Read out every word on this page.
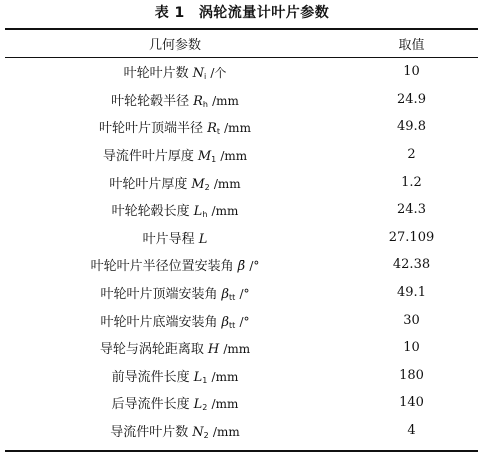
表 1 涡轮流量计叶片参数
几何参数	取值
叶轮叶片数 $N_i$ /个	10
叶轮轮毂半径 $R_h$ /mm	24.9
叶轮叶片顶端半径 $R_t$ /mm	49.8
导流件叶片厚度 $M_1$ /mm	2
叶轮叶片厚度 $M_2$ /mm	1.2
叶轮轮毂长度 $L_h$ /mm	24.3
叶片导程 L	27.109
叶轮叶片半径位置安装角 β̄ /°	42.38
叶轮叶片顶端安装角 $\beta_{tt}$ /°	49.1
叶轮叶片底端安装角 $\beta_{tt}$ /°	30
导轮与涡轮距离取 H /mm	10
前导流件长度 $L_1$ /mm	180
后导流件长度 $L_2$ /mm	140
导流件叶片数 $N_2$ /mm	4
